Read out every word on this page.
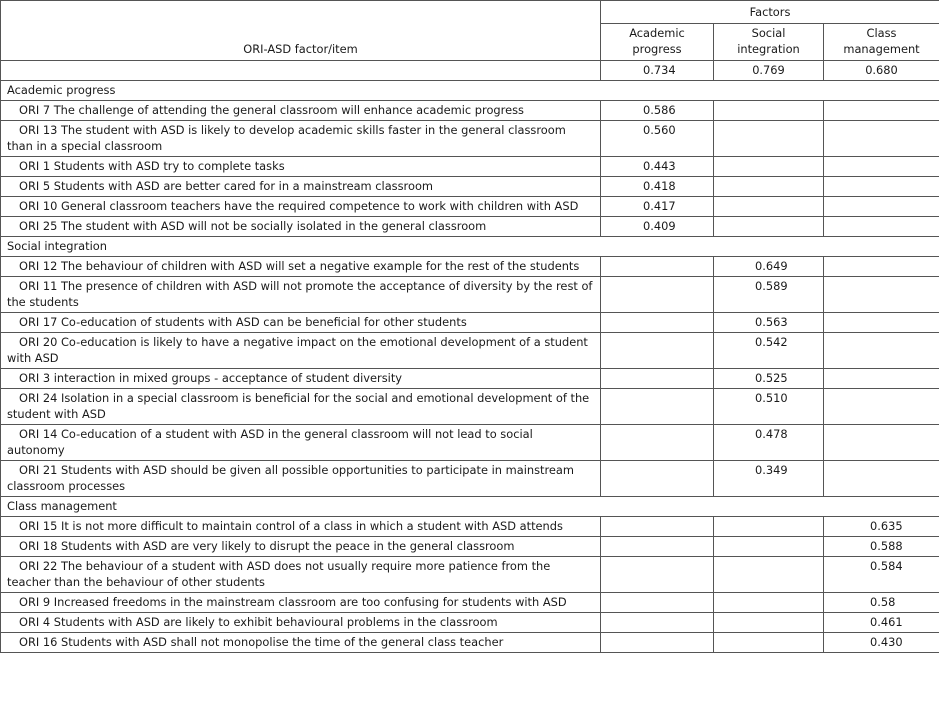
ORI-ASD factor/item	Factors		
	Academic progress	Social integration	Class management
	0.734	0.769	0.680
Academic progress			
ORI 7 The challenge of attending the general classroom will enhance academic progress	0.586		
ORI 13 The student with ASD is likely to develop academic skills faster in the general classroom than in a special classroom	0.560		
ORI 1 Students with ASD try to complete tasks	0.443		
ORI 5 Students with ASD are better cared for in a mainstream classroom	0.418		
ORI 10 General classroom teachers have the required competence to work with children with ASD	0.417		
ORI 25 The student with ASD will not be socially isolated in the general classroom	0.409		
Social integration			
ORI 12 The behaviour of children with ASD will set a negative example for the rest of the students		0.649	
ORI 11 The presence of children with ASD will not promote the acceptance of diversity by the rest of the students		0.589	
ORI 17 Co-education of students with ASD can be beneficial for other students		0.563	
ORI 20 Co-education is likely to have a negative impact on the emotional development of a student with ASD		0.542	
ORI 3 interaction in mixed groups - acceptance of student diversity		0.525	
ORI 24 Isolation in a special classroom is beneficial for the social and emotional development of the student with ASD		0.510	
ORI 14 Co-education of a student with ASD in the general classroom will not lead to social autonomy		0.478	
ORI 21 Students with ASD should be given all possible opportunities to participate in mainstream classroom processes		0.349	
Class management			
ORI 15 It is not more difficult to maintain control of a class in which a student with ASD attends			0.635
ORI 18 Students with ASD are very likely to disrupt the peace in the general classroom			0.588
ORI 22 The behaviour of a student with ASD does not usually require more patience from the teacher than the behaviour of other students			0.584
ORI 9 Increased freedoms in the mainstream classroom are too confusing for students with ASD			0.58
ORI 4 Students with ASD are likely to exhibit behavioural problems in the classroom			0.461
ORI 16 Students with ASD shall not monopolise the time of the general class teacher			0.430
